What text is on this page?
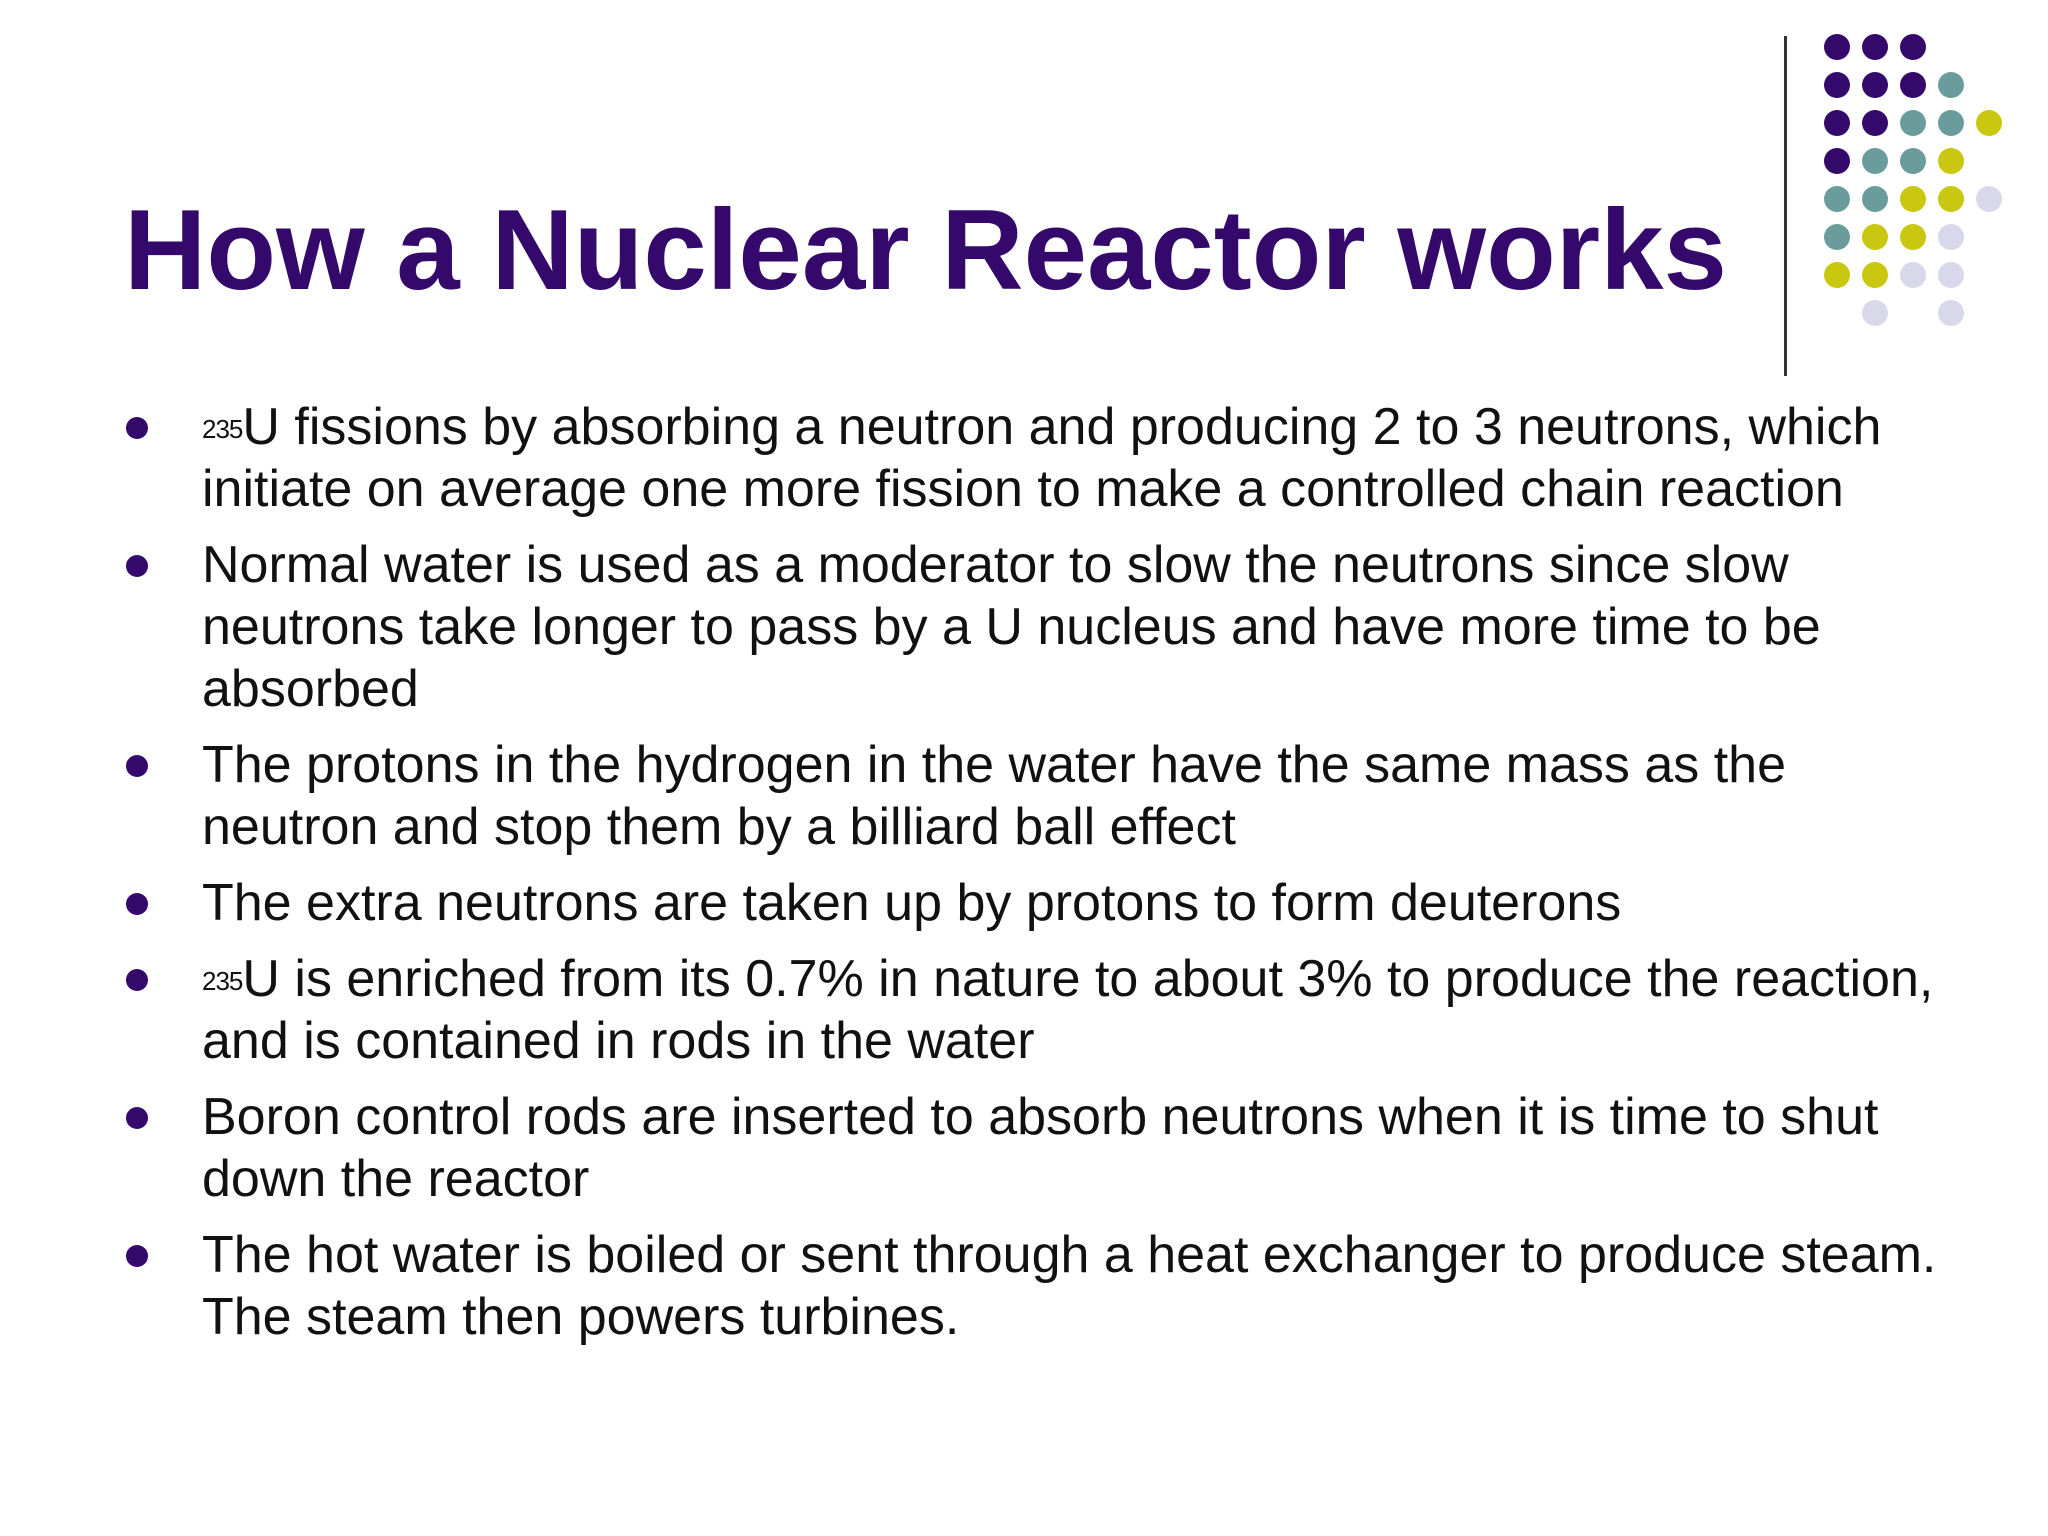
How a Nuclear Reactor works
$^{235}$U fissions by absorbing a neutron and producing 2 to 3 neutrons, which initiate on average one more fission to make a controlled chain reaction
Normal water is used as a moderator to slow the neutrons since slow neutrons take longer to pass by a U nucleus and have more time to be absorbed
The protons in the hydrogen in the water have the same mass as the neutron and stop them by a billiard ball effect
The extra neutrons are taken up by protons to form deuterons
$^{235}$U is enriched from its 0.7% in nature to about 3% to produce the reaction, and is contained in rods in the water
Boron control rods are inserted to absorb neutrons when it is time to shut down the reactor
The hot water is boiled or sent through a heat exchanger to produce steam. The steam then powers turbines.
